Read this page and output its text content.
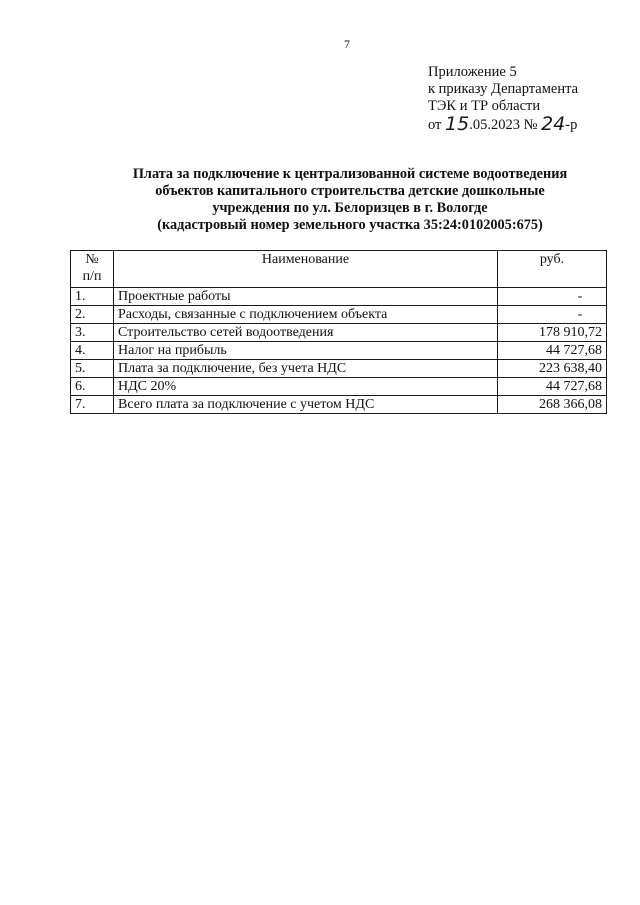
7
Приложение 5
к приказу Департамента
ТЭК и ТР области
от 15.05.2023 № 24-р
Плата за подключение к централизованной системе водоотведения
объектов капитального строительства детские дошкольные
учреждения по ул. Белоризцев в г. Вологде
(кадастровый номер земельного участка 35:24:0102005:675)
№
п/п	Наименование	руб.
1.	Проектные работы	-
2.	Расходы, связанные с подключением объекта	-
3.	Строительство сетей водоотведения	178 910,72
4.	Налог на прибыль	44 727,68
5.	Плата за подключение, без учета НДС	223 638,40
6.	НДС 20%	44 727,68
7.	Всего плата за подключение с учетом НДС	268 366,08
